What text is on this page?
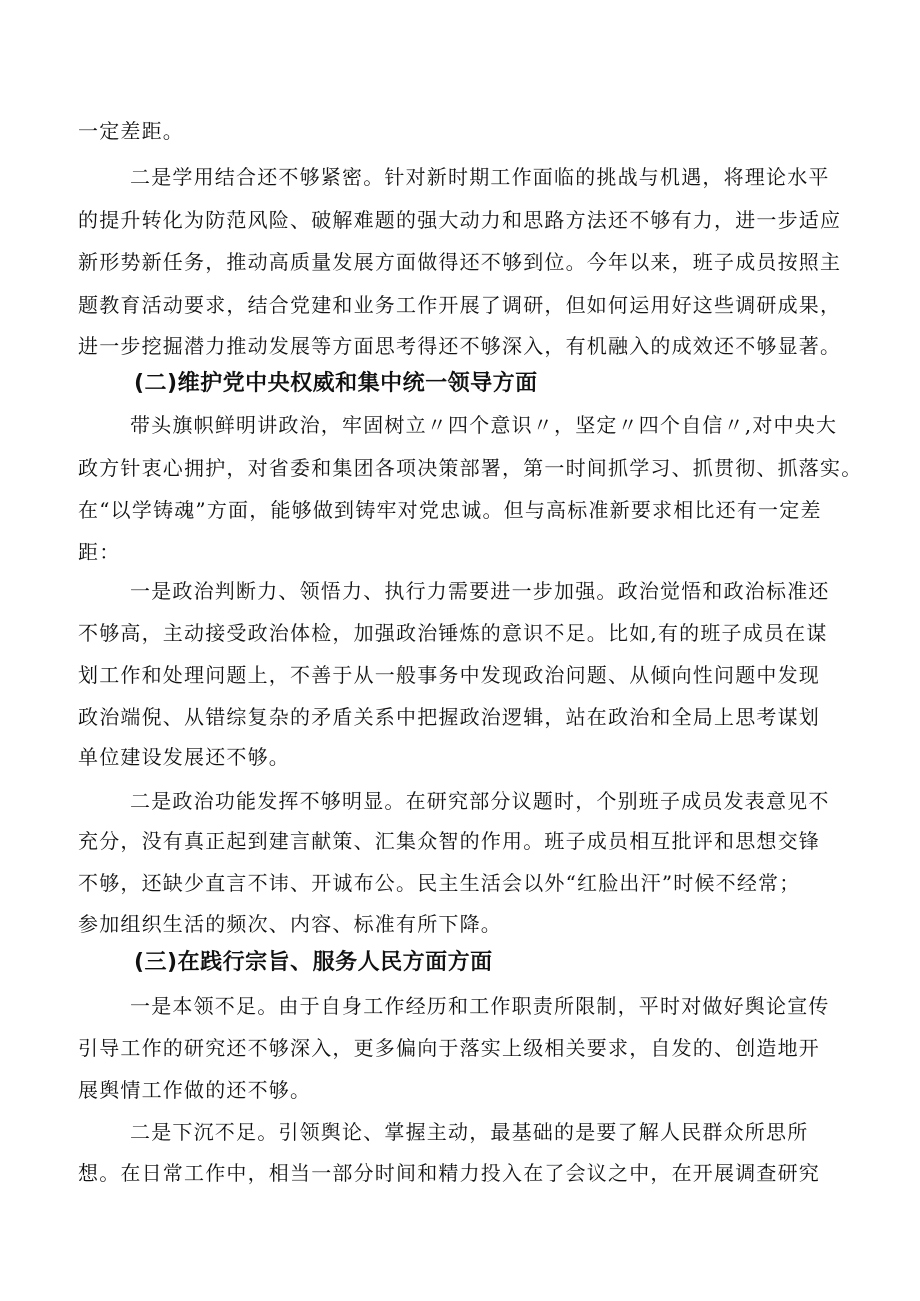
一定差距。
二是学用结合还不够紧密。针对新时期工作面临的挑战与机遇，将理论水平
的提升转化为防范风险、破解难题的强大动力和思路方法还不够有力，进一步适应
新形势新任务，推动高质量发展方面做得还不够到位。今年以来，班子成员按照主
题教育活动要求，结合党建和业务工作开展了调研，但如何运用好这些调研成果，
进一步挖掘潜力推动发展等方面思考得还不够深入，有机融入的成效还不够显著。
(二)维护党中央权威和集中统一领导方面
带头旗帜鲜明讲政治，牢固树立〃四个意识〃，坚定〃四个自信〃,对中央大
政方针衷心拥护，对省委和集团各项决策部署，第一时间抓学习、抓贯彻、抓落实。
在“以学铸魂”方面，能够做到铸牢对党忠诚。但与高标准新要求相比还有一定差
距：
一是政治判断力、领悟力、执行力需要进一步加强。政治觉悟和政治标准还
不够高，主动接受政治体检，加强政治锤炼的意识不足。比如,有的班子成员在谋
划工作和处理问题上，不善于从一般事务中发现政治问题、从倾向性问题中发现
政治端倪、从错综复杂的矛盾关系中把握政治逻辑，站在政治和全局上思考谋划
单位建设发展还不够。
二是政治功能发挥不够明显。在研究部分议题时，个别班子成员发表意见不
充分，没有真正起到建言献策、汇集众智的作用。班子成员相互批评和思想交锋
不够，还缺少直言不讳、开诚布公。民主生活会以外“红脸出汗”时候不经常；
参加组织生活的频次、内容、标准有所下降。
(三)在践行宗旨、服务人民方面方面
一是本领不足。由于自身工作经历和工作职责所限制，平时对做好舆论宣传
引导工作的研究还不够深入，更多偏向于落实上级相关要求，自发的、创造地开
展舆情工作做的还不够。
二是下沉不足。引领舆论、掌握主动，最基础的是要了解人民群众所思所
想。在日常工作中，相当一部分时间和精力投入在了会议之中，在开展调查研究
